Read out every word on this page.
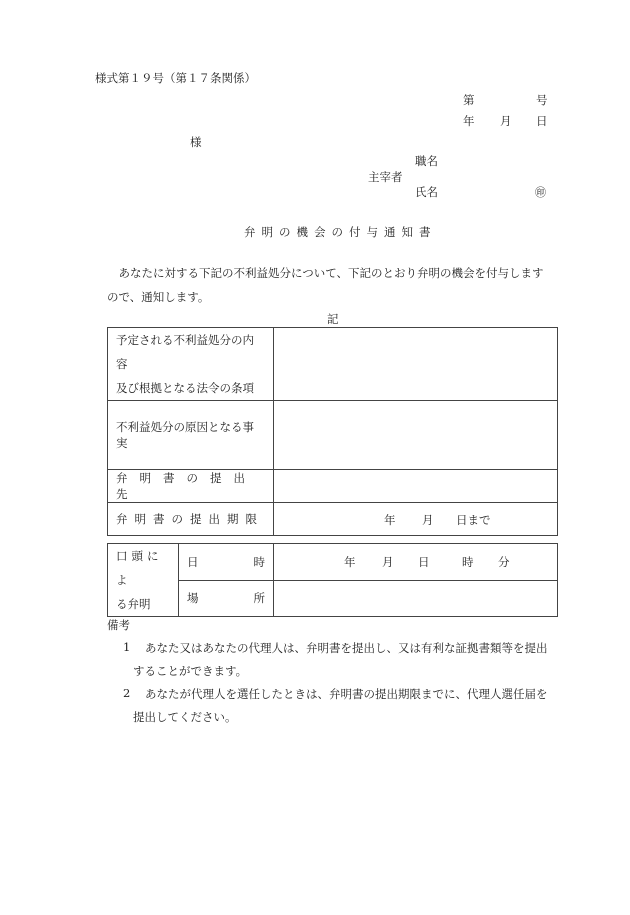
様式第１９号（第１７条関係）
第	号
年 月 日
様
職名
主宰者
氏名	㊞
弁明の機会の付与通知書
　あなたに対する下記の不利益処分について、下記のとおり弁明の機会を付与します
ので、通知します。
記
予定される不利益処分の内容
及び根拠となる法令の条項	

不利益処分の原因となる事実	
弁明書の提出先	
弁明書の提出期限	年 月 日まで
口頭によ
る弁明
	日	時	年 月 日	時 分

	場 所	

備考
1 あなた又はあなたの代理人は、弁明書を提出し、又は有利な証拠書類等を提出
することができます。
2 あなたが代理人を選任したときは、弁明書の提出期限までに、代理人選任届を
提出してください。
